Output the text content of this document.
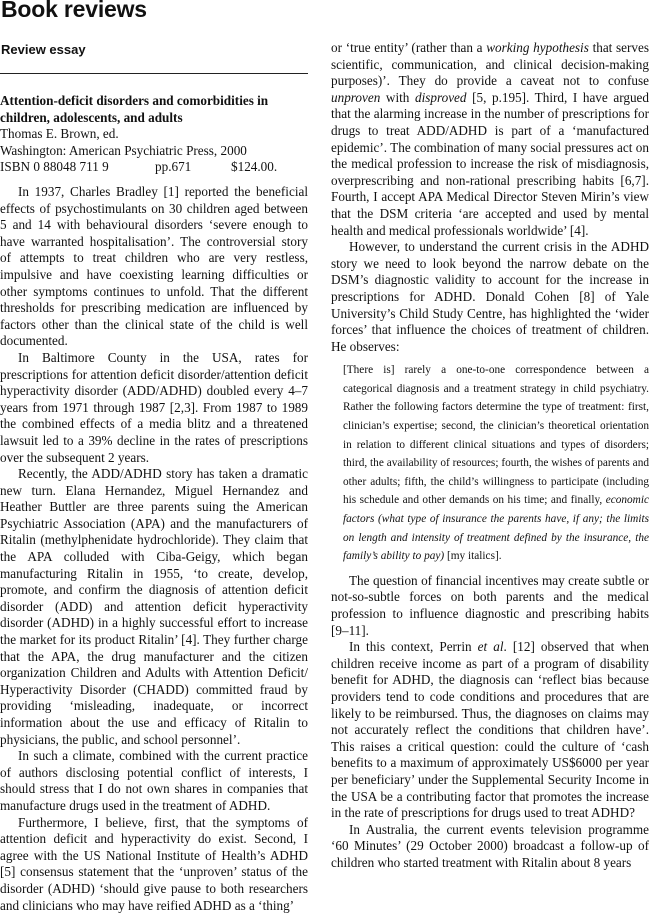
Book reviews
Review essay
Attention-deficit disorders and comorbidities in children, adolescents, and adults
Thomas E. Brown, ed.
Washington: American Psychiatric Press, 2000
ISBN 0 88048 711 9	pp.671	$124.00.

In 1937, Charles Bradley [1] reported the beneficial effects of psychostimulants on 30 children aged between 5 and 14 with behavioural disorders ‘severe enough to have warranted hospitalisation’. The controversial story of attempts to treat children who are very restless, impulsive and have coexisting learning difficulties or other symptoms continues to unfold. That the different thresholds for prescribing medication are influenced by factors other than the clinical state of the child is well documented.

In Baltimore County in the USA, rates for prescriptions for attention deficit disorder/attention deficit hyperactivity disorder (ADD/ADHD) doubled every 4–7 years from 1971 through 1987 [2,3]. From 1987 to 1989 the combined effects of a media blitz and a threatened lawsuit led to a 39% decline in the rates of prescriptions over the subsequent 2 years.

Recently, the ADD/ADHD story has taken a dramatic new turn. Elana Hernandez, Miguel Hernandez and Heather Buttler are three parents suing the American Psychiatric Association (APA) and the manufacturers of Ritalin (methylphenidate hydrochloride). They claim that the APA colluded with Ciba-Geigy, which began manufacturing Ritalin in 1955, ‘to create, develop, promote, and confirm the diagnosis of attention deficit disorder (ADD) and attention deficit hyperactivity disorder (ADHD) in a highly successful effort to increase the market for its product Ritalin’ [4]. They further charge that the APA, the drug manufacturer and the citizen organization Children and Adults with Attention Deficit/ Hyperactivity Disorder (CHADD) committed fraud by providing ‘misleading, inadequate, or incorrect information about the use and efficacy of Ritalin to physicians, the public, and school personnel’.

In such a climate, combined with the current practice of authors disclosing potential conflict of interests, I should stress that I do not own shares in companies that manufacture drugs used in the treatment of ADHD.

Furthermore, I believe, first, that the symptoms of attention deficit and hyperactivity do exist. Second, I agree with the US National Institute of Health’s ADHD [5] consensus statement that the ‘unproven’ status of the disorder (ADHD) ‘should give pause to both researchers and clinicians who may have reified ADHD as a ‘thing’

or ‘true entity’ (rather than a working hypothesis that serves scientific, communication, and clinical decision-making purposes)’. They do provide a caveat not to confuse unproven with disproved [5, p.195]. Third, I have argued that the alarming increase in the number of prescriptions for drugs to treat ADD/ADHD is part of a ‘manufactured epidemic’. The combination of many social pressures act on the medical profession to increase the risk of misdiagnosis, overprescribing and non-rational prescribing habits [6,7]. Fourth, I accept APA Medical Director Steven Mirin’s view that the DSM criteria ‘are accepted and used by mental health and medical professionals worldwide’ [4].

However, to understand the current crisis in the ADHD story we need to look beyond the narrow debate on the DSM’s diagnostic validity to account for the increase in prescriptions for ADHD. Donald Cohen [8] of Yale University’s Child Study Centre, has highlighted the ‘wider forces’ that influence the choices of treatment of children. He observes:

[There is] rarely a one-to-one correspondence between a categorical diagnosis and a treatment strategy in child psychiatry. Rather the following factors determine the type of treatment: first, clinician’s expertise; second, the clinician’s theoretical orientation in relation to different clinical situations and types of disorders; third, the availability of resources; fourth, the wishes of parents and other adults; fifth, the child’s willingness to participate (including his schedule and other demands on his time; and finally, economic factors (what type of insurance the parents have, if any; the limits on length and intensity of treatment defined by the insurance, the family’s ability to pay) [my italics].

The question of financial incentives may create subtle or not-so-subtle forces on both parents and the medical profession to influence diagnostic and prescribing habits [9–11].

In this context, Perrin et al. [12] observed that when children receive income as part of a program of disability benefit for ADHD, the diagnosis can ‘reflect bias because providers tend to code conditions and procedures that are likely to be reimbursed. Thus, the diagnoses on claims may not accurately reflect the conditions that children have’. This raises a critical question: could the culture of ‘cash benefits to a maximum of approximately US$6000 per year per beneficiary’ under the Supplemental Security Income in the USA be a contributing factor that promotes the increase in the rate of prescriptions for drugs used to treat ADHD?

In Australia, the current events television programme ‘60 Minutes’ (29 October 2000) broadcast a follow-up of children who started treatment with Ritalin about 8 years
